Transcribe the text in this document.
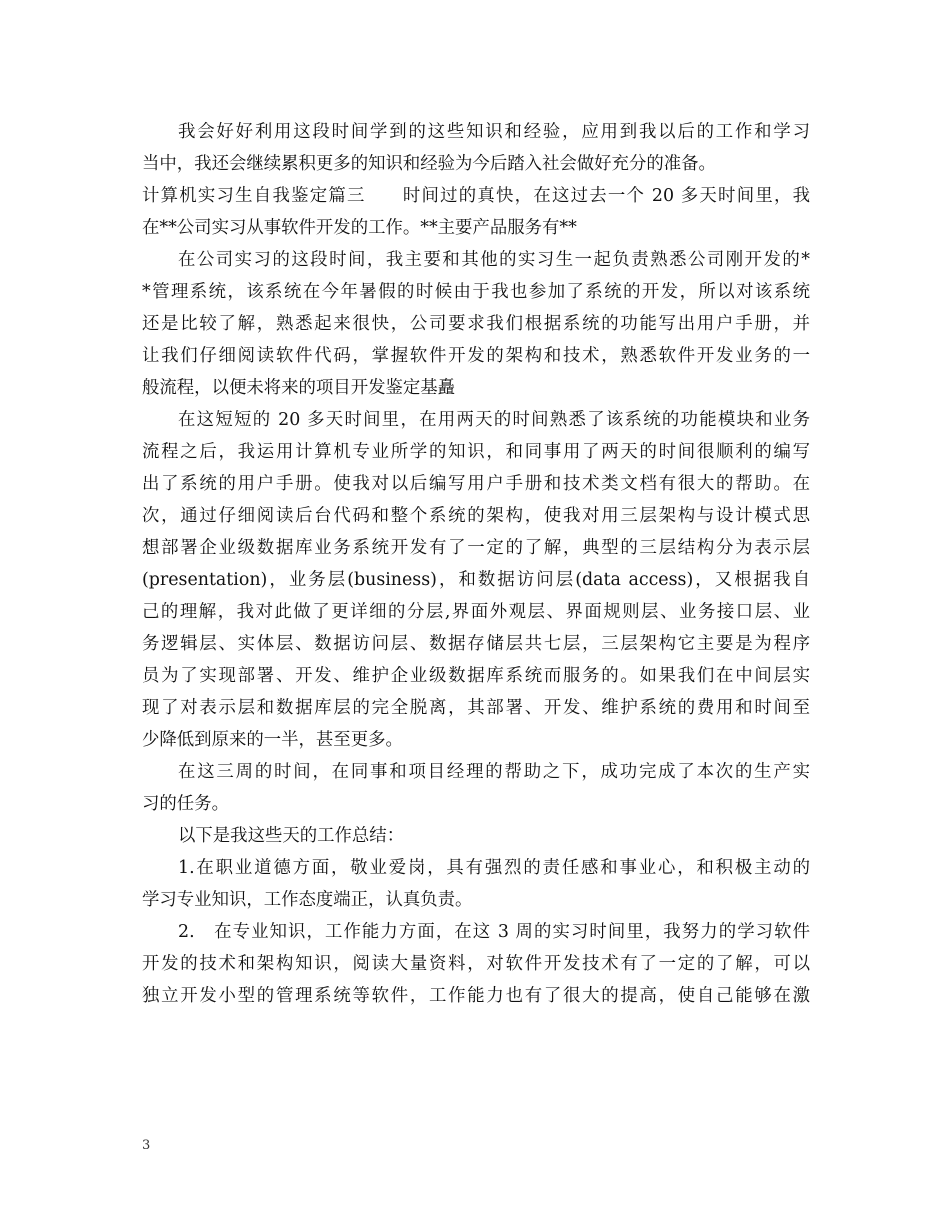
我会好好利用这段时间学到的这些知识和经验，应用到我以后的工作和学习
当中，我还会继续累积更多的知识和经验为今后踏入社会做好充分的准备。
计算机实习生自我鉴定篇三　　时间过的真快，在这过去一个 20 多天时间里，我
在**公司实习从事软件开发的工作。**主要产品服务有**
在公司实习的这段时间，我主要和其他的实习生一起负责熟悉公司刚开发的*
*管理系统，该系统在今年暑假的时候由于我也参加了系统的开发，所以对该系统
还是比较了解，熟悉起来很快，公司要求我们根据系统的功能写出用户手册，并
让我们仔细阅读软件代码，掌握软件开发的架构和技术，熟悉软件开发业务的一
般流程，以便未将来的项目开发鉴定基矗
在这短短的 20 多天时间里，在用两天的时间熟悉了该系统的功能模块和业务
流程之后，我运用计算机专业所学的知识，和同事用了两天的时间很顺利的编写
出了系统的用户手册。使我对以后编写用户手册和技术类文档有很大的帮助。在
次，通过仔细阅读后台代码和整个系统的架构，使我对用三层架构与设计模式思
想部署企业级数据库业务系统开发有了一定的了解，典型的三层结构分为表示层
(presentation)，业务层(business)，和数据访问层(data access)，又根据我自
己的理解，我对此做了更详细的分层,界面外观层、界面规则层、业务接口层、业
务逻辑层、实体层、数据访问层、数据存储层共七层，三层架构它主要是为程序
员为了实现部署、开发、维护企业级数据库系统而服务的。如果我们在中间层实
现了对表示层和数据库层的完全脱离，其部署、开发、维护系统的费用和时间至
少降低到原来的一半，甚至更多。
在这三周的时间，在同事和项目经理的帮助之下，成功完成了本次的生产实
习的任务。
以下是我这些天的工作总结：
1.在职业道德方面，敬业爱岗，具有强烈的责任感和事业心，和积极主动的
学习专业知识，工作态度端正，认真负责。
2.　在专业知识，工作能力方面，在这 3 周的实习时间里，我努力的学习软件
开发的技术和架构知识，阅读大量资料，对软件开发技术有了一定的了解，可以
独立开发小型的管理系统等软件，工作能力也有了很大的提高，使自己能够在激
3
